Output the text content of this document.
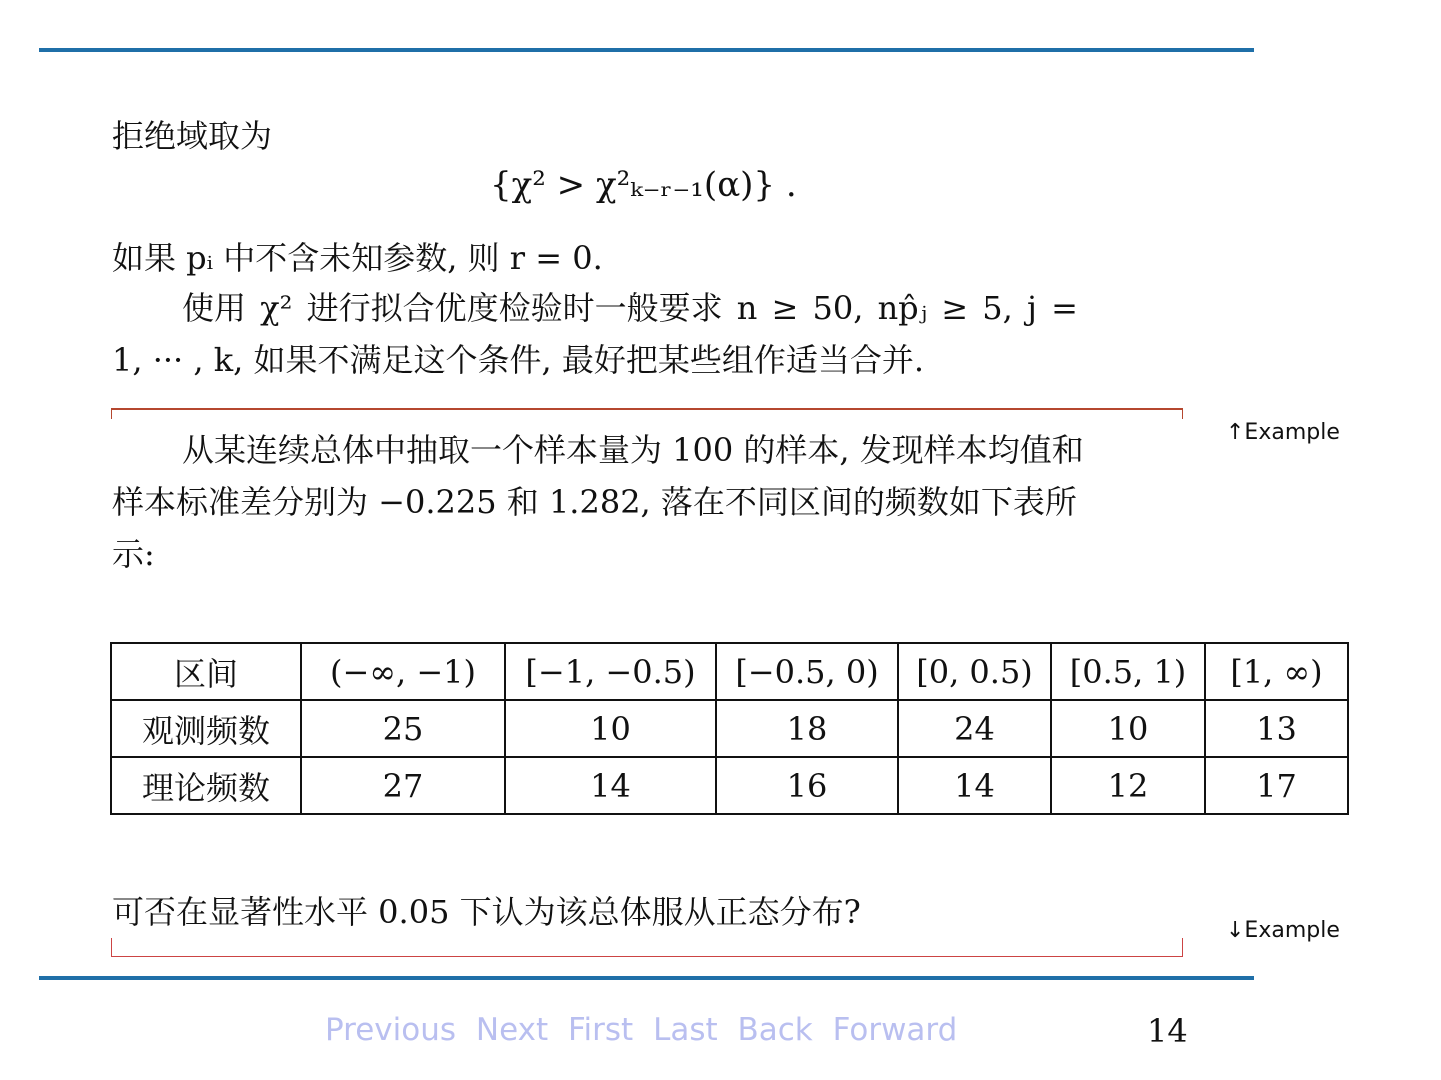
拒绝域取为
{χ² > χ²ₖ₋ᵣ₋₁(α)} .
如果 pᵢ 中不含未知参数, 则 r = 0.
使用 χ² 进行拟合优度检验时一般要求 n ≥ 50, np̂ⱼ ≥ 5, j =
1, ··· , k, 如果不满足这个条件, 最好把某些组作适当合并.
↑Example
从某连续总体中抽取一个样本量为 100 的样本, 发现样本均值和
样本标准差分别为 −0.225 和 1.282, 落在不同区间的频数如下表所
示:
区间	(−∞, −1)	[−1, −0.5)	[−0.5, 0)	[0, 0.5)	[0.5, 1)	[1, ∞)
观测频数	25	10	18	24	10	13
理论频数	27	14	16	14	12	17
可否在显著性水平 0.05 下认为该总体服从正态分布?	↓Example
Previous Next First Last Back Forward	14
